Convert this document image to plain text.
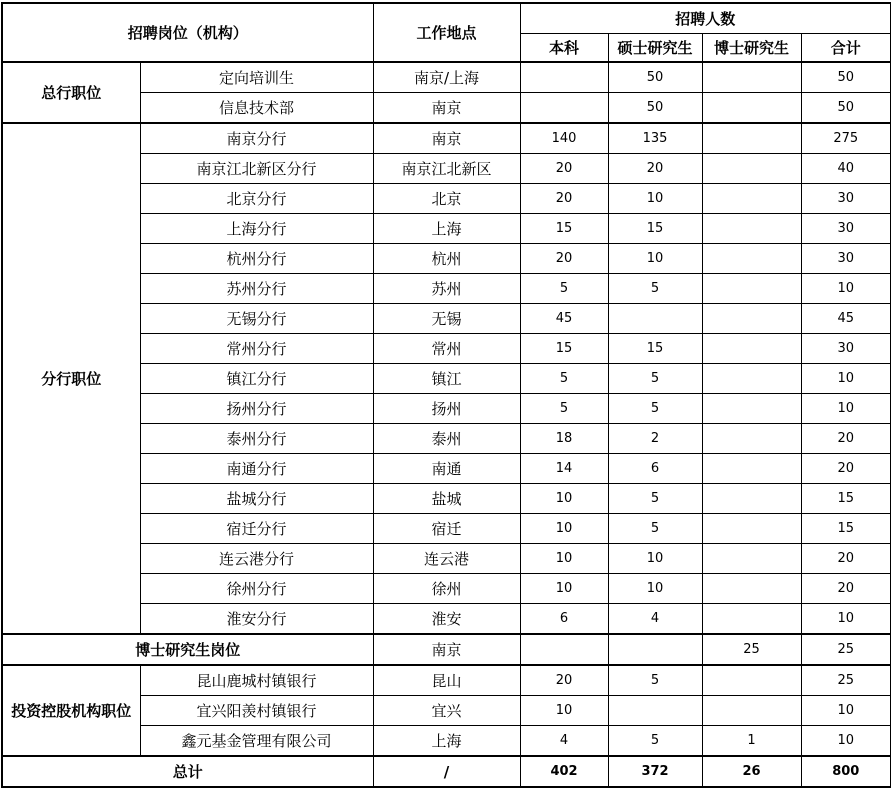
招聘岗位（机构）		工作地点	招聘人数			
			本科	硕士研究生	博士研究生	合计
总行职位	定向培训生	南京/上海		50		50
	信息技术部	南京		50		50
分行职位	南京分行	南京	140	135		275
	南京江北新区分行	南京江北新区	20	20		40
	北京分行	北京	20	10		30
	上海分行	上海	15	15		30
	杭州分行	杭州	20	10		30
	苏州分行	苏州	5	5		10
	无锡分行	无锡	45			45
	常州分行	常州	15	15		30
	镇江分行	镇江	5	5		10
	扬州分行	扬州	5	5		10
	泰州分行	泰州	18	2		20
	南通分行	南通	14	6		20
	盐城分行	盐城	10	5		15
	宿迁分行	宿迁	10	5		15
	连云港分行	连云港	10	10		20
	徐州分行	徐州	10	10		20
	淮安分行	淮安	6	4		10
博士研究生岗位		南京			25	25
投资控股机构职位	昆山鹿城村镇银行	昆山	20	5		25
	宜兴阳羡村镇银行	宜兴	10			10
	鑫元基金管理有限公司	上海	4	5	1	10
总计		/	402	372	26	800
